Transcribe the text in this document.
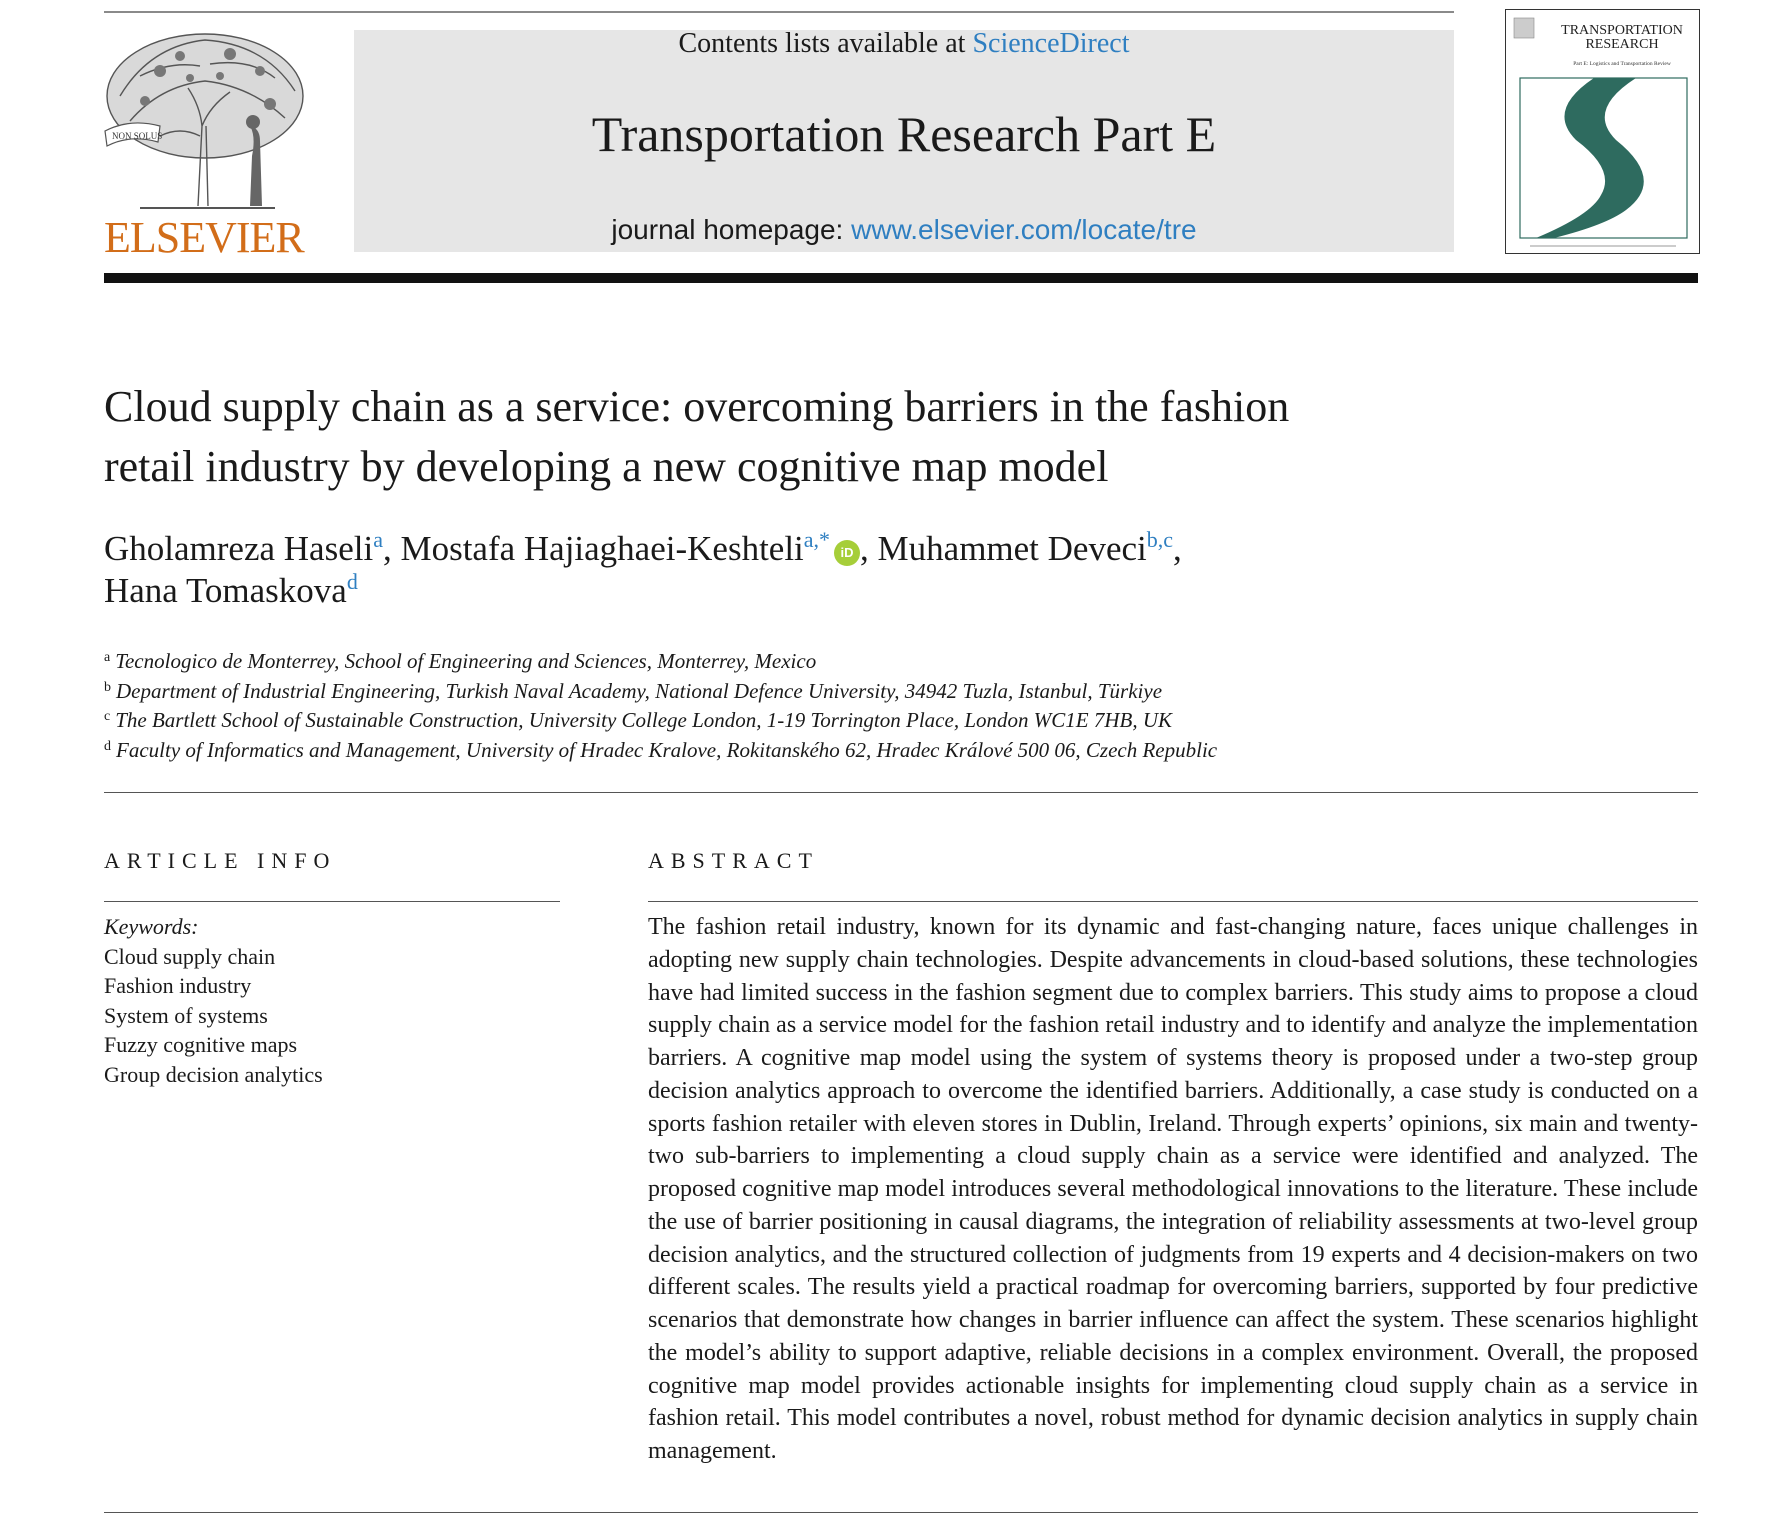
NON SOLUS
ELSEVIER
Contents lists available at ScienceDirect
Transportation Research Part E
journal homepage: www.elsevier.com/locate/tre
TRANSPORTATION
RESEARCH
Part E: Logistics and Transportation Review
Cloud supply chain as a service: overcoming barriers in the fashion
retail industry by developing a new cognitive map model
Gholamreza Haseli$^a$, Mostafa Hajiaghaei-Keshteli$^{a,*}$iD , Muhammet Deveci$^{b,c}$,
Hana Tomaskova$^d$
$^a$ Tecnologico de Monterrey, School of Engineering and Sciences, Monterrey, Mexico
$^b$ Department of Industrial Engineering, Turkish Naval Academy, National Defence University, 34942 Tuzla, Istanbul, Türkiye
$^c$ The Bartlett School of Sustainable Construction, University College London, 1-19 Torrington Place, London WC1E 7HB, UK
$^d$ Faculty of Informatics and Management, University of Hradec Kralove, Rokitanského 62, Hradec Králové 500 06, Czech Republic
ARTICLE INFO
Keywords:
Cloud supply chain
Fashion industry
System of systems
Fuzzy cognitive maps
Group decision analytics
ABSTRACT
The fashion retail industry, known for its dynamic and fast-changing nature, faces unique challenges in adopting new supply chain technologies. Despite advancements in cloud-based solutions, these technologies have had limited success in the fashion segment due to complex barriers. This study aims to propose a cloud supply chain as a service model for the fashion retail industry and to identify and analyze the implementation barriers. A cognitive map model using the system of systems theory is proposed under a two-step group decision analytics approach to overcome the identified barriers. Additionally, a case study is conducted on a sports fashion retailer with eleven stores in Dublin, Ireland. Through experts’ opinions, six main and twenty-two sub-barriers to implementing a cloud supply chain as a service were identified and analyzed. The proposed cognitive map model introduces several methodological innovations to the literature. These include the use of barrier positioning in causal diagrams, the integration of reliability assessments at two-level group decision analytics, and the structured collection of judgments from 19 experts and 4 decision-makers on two different scales. The results yield a practical roadmap for overcoming barriers, supported by four predictive scenarios that demonstrate how changes in barrier influence can affect the system. These scenarios highlight the model’s ability to support adaptive, reliable decisions in a complex environment. Overall, the proposed cognitive map model provides actionable insights for implementing cloud supply chain as a service in fashion retail. This model contributes a novel, robust method for dynamic decision analytics in supply chain management.
